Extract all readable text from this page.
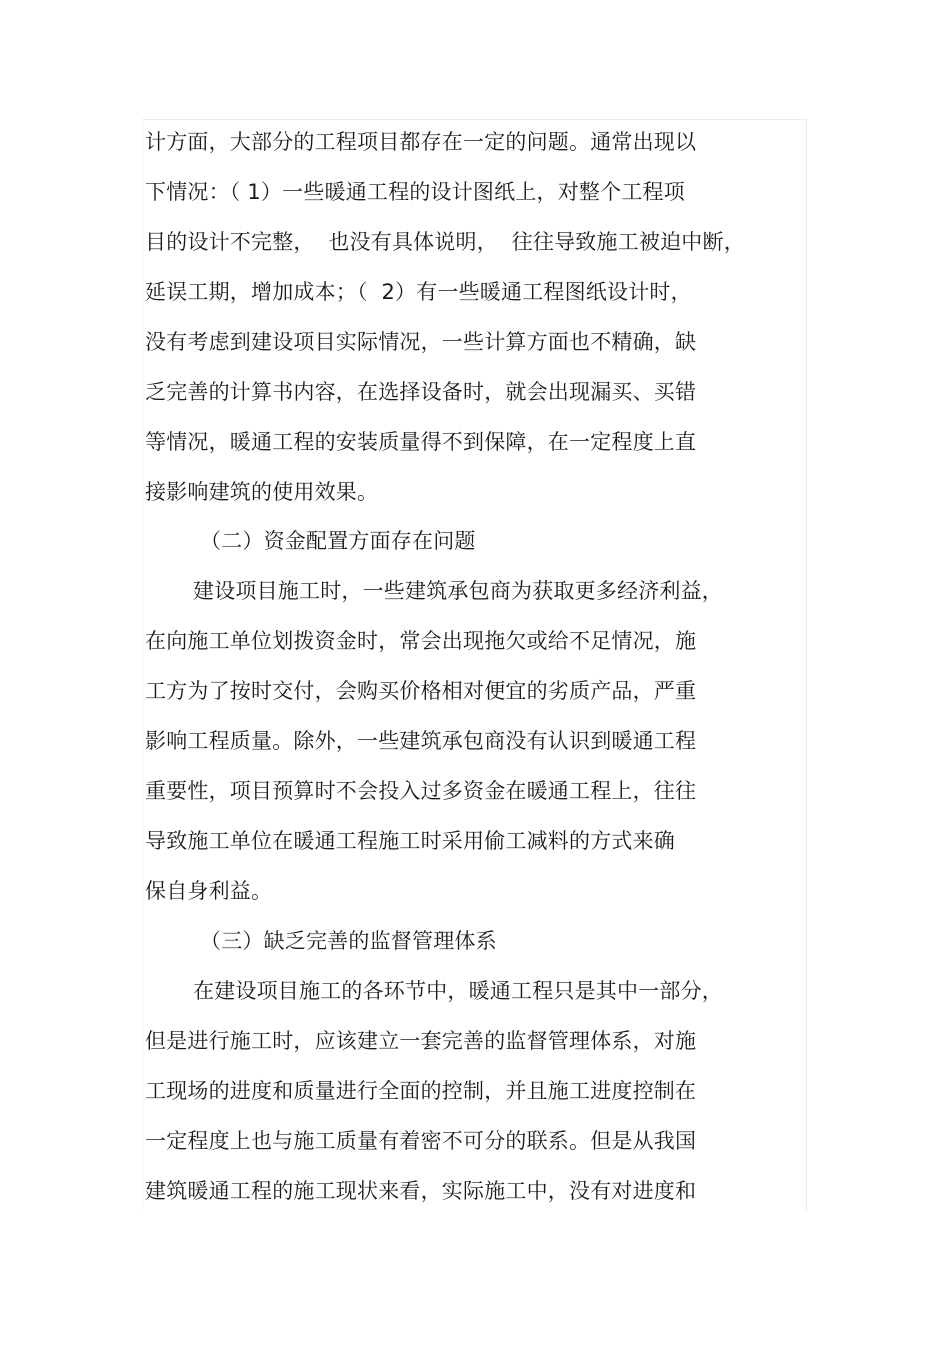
计方面，大部分的工程项目都存在一定的问题。通常出现以
下情况：（ 1）一些暖通工程的设计图纸上，对整个工程项
目的设计不完整，  也没有具体说明，  往往导致施工被迫中断，
延误工期，增加成本；（  2）有一些暖通工程图纸设计时，
没有考虑到建设项目实际情况，一些计算方面也不精确，缺
乏完善的计算书内容，在选择设备时，就会出现漏买、买错
等情况，暖通工程的安装质量得不到保障，在一定程度上直
接影响建筑的使用效果。
（二）资金配置方面存在问题
建设项目施工时，一些建筑承包商为获取更多经济利益，
在向施工单位划拨资金时，常会出现拖欠或给不足情况，施
工方为了按时交付，会购买价格相对便宜的劣质产品，严重
影响工程质量。除外，一些建筑承包商没有认识到暖通工程
重要性，项目预算时不会投入过多资金在暖通工程上，往往
导致施工单位在暖通工程施工时采用偷工减料的方式来确
保自身利益。
（三）缺乏完善的监督管理体系
在建设项目施工的各环节中，暖通工程只是其中一部分，
但是进行施工时，应该建立一套完善的监督管理体系，对施
工现场的进度和质量进行全面的控制，并且施工进度控制在
一定程度上也与施工质量有着密不可分的联系。但是从我国
建筑暖通工程的施工现状来看，实际施工中，没有对进度和
